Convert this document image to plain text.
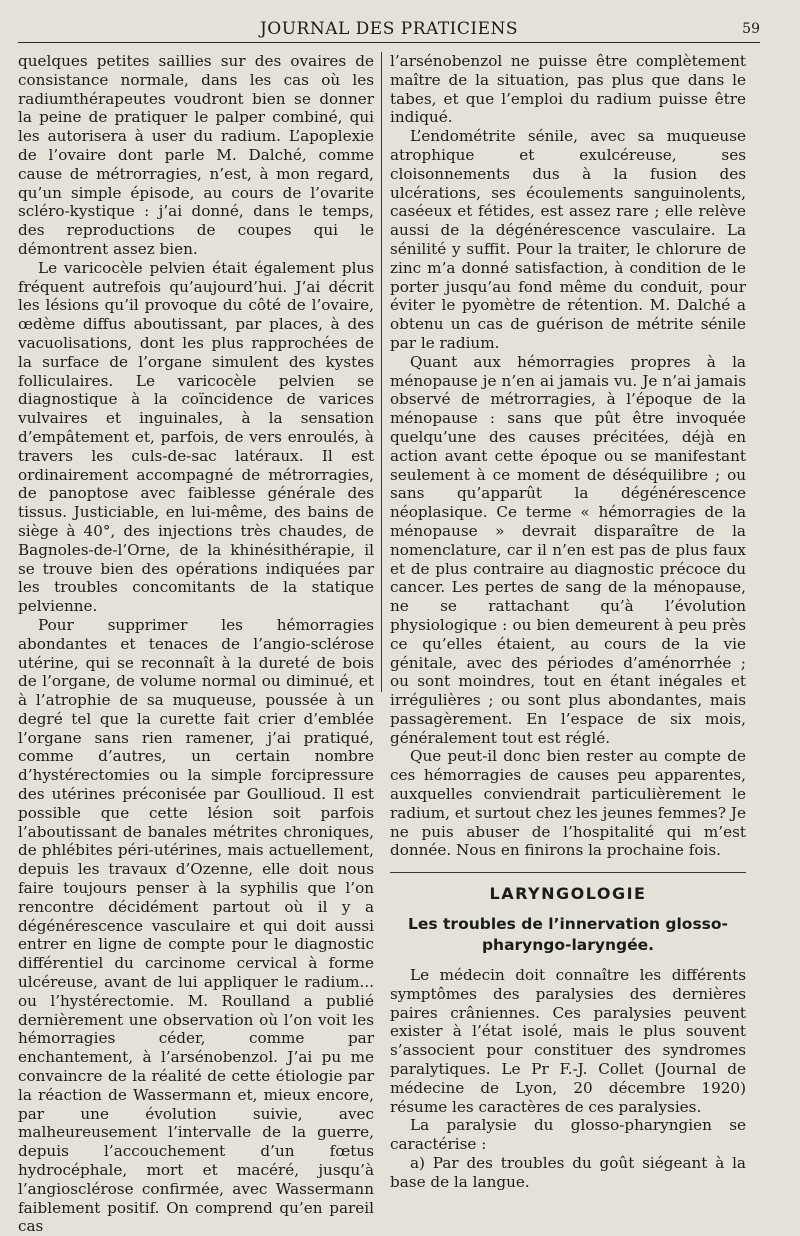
JOURNAL DES PRATICIENS	59

quelques petites saillies sur des ovaires de consistance normale, dans les cas où les radiumthérapeutes voudront bien se donner la peine de pratiquer le palper combiné, qui les autorisera à user du radium. L’apoplexie de l’ovaire dont parle M. Dalché, comme cause de métrorragies, n’est, à mon regard, qu’un simple épisode, au cours de l’ovarite scléro-kystique : j’ai donné, dans le temps, des reproductions de coupes qui le démontrent assez bien.

Le varicocèle pelvien était également plus fréquent autrefois qu’aujourd’hui. J’ai décrit les lésions qu’il provoque du côté de l’ovaire, œdème diffus aboutissant, par places, à des vacuolisations, dont les plus rapprochées de la surface de l’organe simulent des kystes folliculaires. Le varicocèle pelvien se diagnostique à la coïncidence de varices vulvaires et inguinales, à la sensation d’empâtement et, parfois, de vers enroulés, à travers les culs-de-sac latéraux. Il est ordinairement accompagné de métrorragies, de panoptose avec faiblesse générale des tissus. Justiciable, en lui-même, des bains de siège à 40°, des injections très chaudes, de Bagnoles-de-l’Orne, de la khinésithérapie, il se trouve bien des opérations indiquées par les troubles concomitants de la statique pelvienne.

Pour supprimer les hémorragies abondantes et tenaces de l’angio-sclérose utérine, qui se reconnaît à la dureté de bois de l’organe, de volume normal ou diminué, et à l’atrophie de sa muqueuse, poussée à un degré tel que la curette fait crier d’emblée l’organe sans rien ramener, j’ai pratiqué, comme d’autres, un certain nombre d’hystérectomies ou la simple forcipressure des utérines préconisée par Goullioud. Il est possible que cette lésion soit parfois l’aboutissant de banales métrites chroniques, de phlébites péri-utérines, mais actuellement, depuis les travaux d’Ozenne, elle doit nous faire toujours penser à la syphilis que l’on rencontre décidément partout où il y a dégénérescence vasculaire et qui doit aussi entrer en ligne de compte pour le diagnostic différentiel du carcinome cervical à forme ulcéreuse, avant de lui appliquer le radium... ou l’hystérectomie. M. Roulland a publié dernièrement une observation où l’on voit les hémorragies céder, comme par enchantement, à l’arsénobenzol. J’ai pu me convaincre de la réalité de cette étiologie par la réaction de Wassermann et, mieux encore, par une évolution suivie, avec malheureusement l’intervalle de la guerre, depuis l’accouchement d’un fœtus hydrocéphale, mort et macéré, jusqu’à l’angiosclérose confirmée, avec Wassermann faiblement positif. On comprend qu’en pareil cas

l’arsénobenzol ne puisse être complètement maître de la situation, pas plus que dans le tabes, et que l’emploi du radium puisse être indiqué.

L’endométrite sénile, avec sa muqueuse atrophique et exulcéreuse, ses cloisonnements dus à la fusion des ulcérations, ses écoulements sanguinolents, caséeux et fétides, est assez rare ; elle relève aussi de la dégénérescence vasculaire. La sénilité y suffit. Pour la traiter, le chlorure de zinc m’a donné satisfaction, à condition de le porter jusqu’au fond même du conduit, pour éviter le pyomètre de rétention. M. Dalché a obtenu un cas de guérison de métrite sénile par le radium.

Quant aux hémorragies propres à la ménopause je n’en ai jamais vu. Je n’ai jamais observé de métrorragies, à l’époque de la ménopause : sans que pût être invoquée quelqu’une des causes précitées, déjà en action avant cette époque ou se manifestant seulement à ce moment de déséquilibre ; ou sans qu’apparût la dégénérescence néoplasique. Ce terme « hémorragies de la ménopause » devrait disparaître de la nomenclature, car il n’en est pas de plus faux et de plus contraire au diagnostic précoce du cancer. Les pertes de sang de la ménopause, ne se rattachant qu’à l’évolution physiologique : ou bien demeurent à peu près ce qu’elles étaient, au cours de la vie génitale, avec des périodes d’aménorrhée ; ou sont moindres, tout en étant inégales et irrégulières ; ou sont plus abondantes, mais passagèrement. En l’espace de six mois, généralement tout est réglé.

Que peut-il donc bien rester au compte de ces hémorragies de causes peu apparentes, auxquelles conviendrait particulièrement le radium, et surtout chez les jeunes femmes? Je ne puis abuser de l’hospitalité qui m’est donnée. Nous en finirons la prochaine fois.

LARYNGOLOGIE
Les troubles de l’innervation glosso-pharyngo-laryngée.

Le médecin doit connaître les différents symptômes des paralysies des dernières paires crâniennes. Ces paralysies peuvent exister à l’état isolé, mais le plus souvent s’associent pour constituer des syndromes paralytiques. Le Pr F.-J. Collet (Journal de médecine de Lyon, 20 décembre 1920) résume les caractères de ces paralysies.

La paralysie du glosso-pharyngien se caractérise :

a) Par des troubles du goût siégeant à la base de la langue.
